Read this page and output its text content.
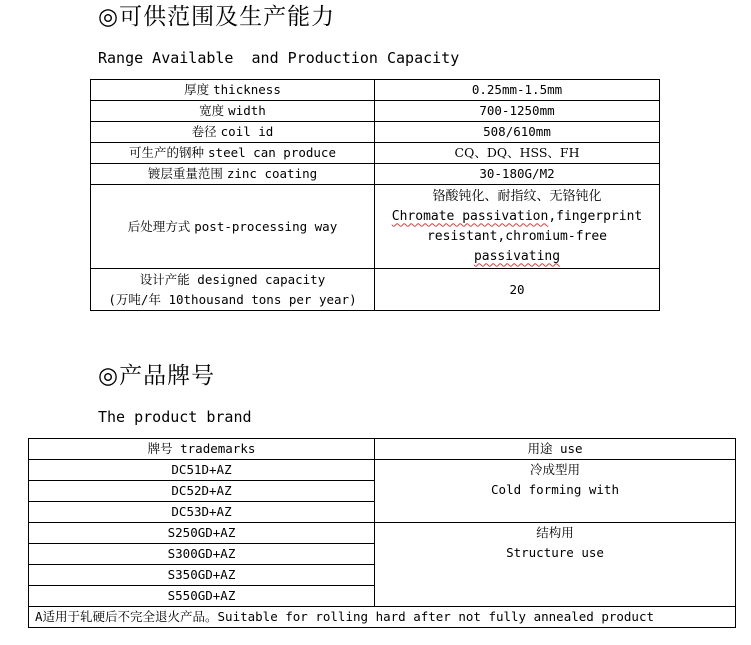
◎可供范围及生产能力
Range Available  and Production Capacity
厚度 thickness	0.25mm-1.5mm
宽度 width	700-1250mm
卷径 coil id	508/610mm
可生产的钢种 steel can produce	CQ、DQ、HSS、FH
镀层重量范围 zinc coating	30-180G/M2
后处理方式 post-processing way	铬酸钝化、耐指纹、无铬钝化
Chromate passivation,fingerprint
resistant,chromium-free
passivating

设计产能 designed capacity
(万吨/年 10thousand tons per year)	20
◎产品牌号
The product brand
牌号 trademarks	用途 use
DC51D+AZ	冷成型用
Cold forming with

DC52D+AZ	
DC53D+AZ	
S250GD+AZ	结构用
Structure use

S300GD+AZ	
S350GD+AZ	
S550GD+AZ	
A适用于轧硬后不完全退火产品。Suitable for rolling hard after not fully annealed product	
